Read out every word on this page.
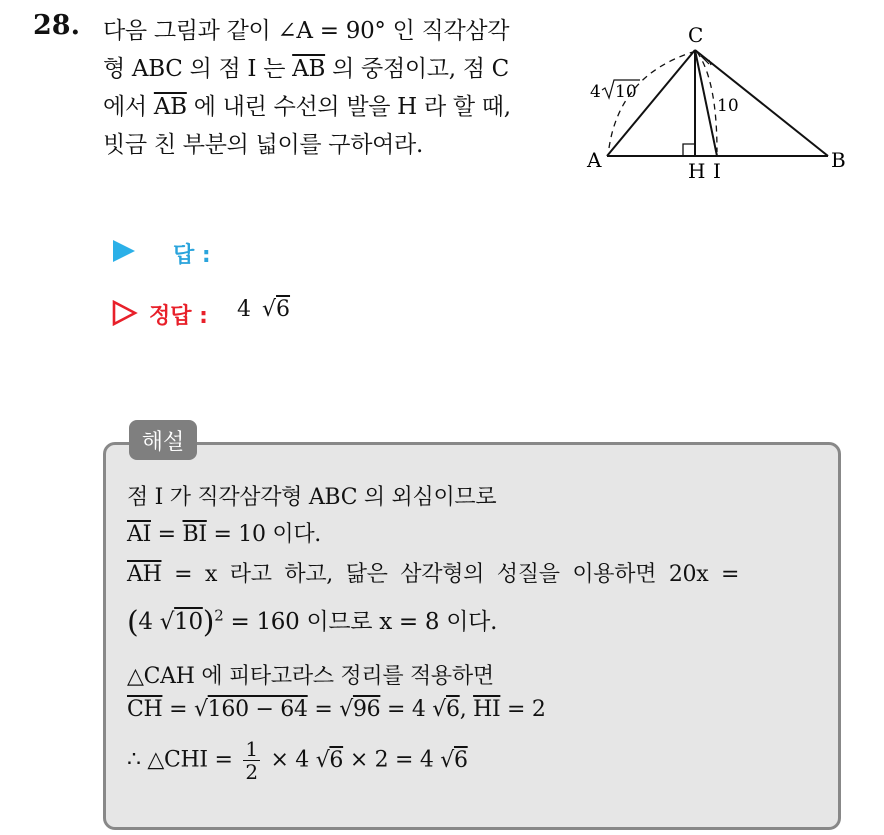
28. 다음 그림과 같이 ∠A = 90° 인 직각삼각
형 ABC 의 점 I 는 $\overline{AB}$ 의 중점이고, 점 C
에서 $\overline{AB}$ 에 내린 수선의 발을 H 라 할 때,
빗금 친 부분의 넓이를 구하여라.
C
A	B
H I
4 10
10
답 :
정답 : 4 √6
해설
점 I 가 직각삼각형 ABC 의 외심이므로
$\overline{AI} = \overline{BI} = 10$ 이다.
$\overline{AH} = x$ 라고 하고, 닮은 삼각형의 성질을 이용하면 20x =
(4 √10)$^2$ = 160 이므로 x = 8 이다.
△CAH 에 피타고라스 정리를 적용하면
$\overline{CH} = √160 - 64 = √96 = 4$ √6, $\overline{HI} = 2$
∴ △CHI = $\frac{1}{2} \times 4$ √6 × 2 = 4 √6
